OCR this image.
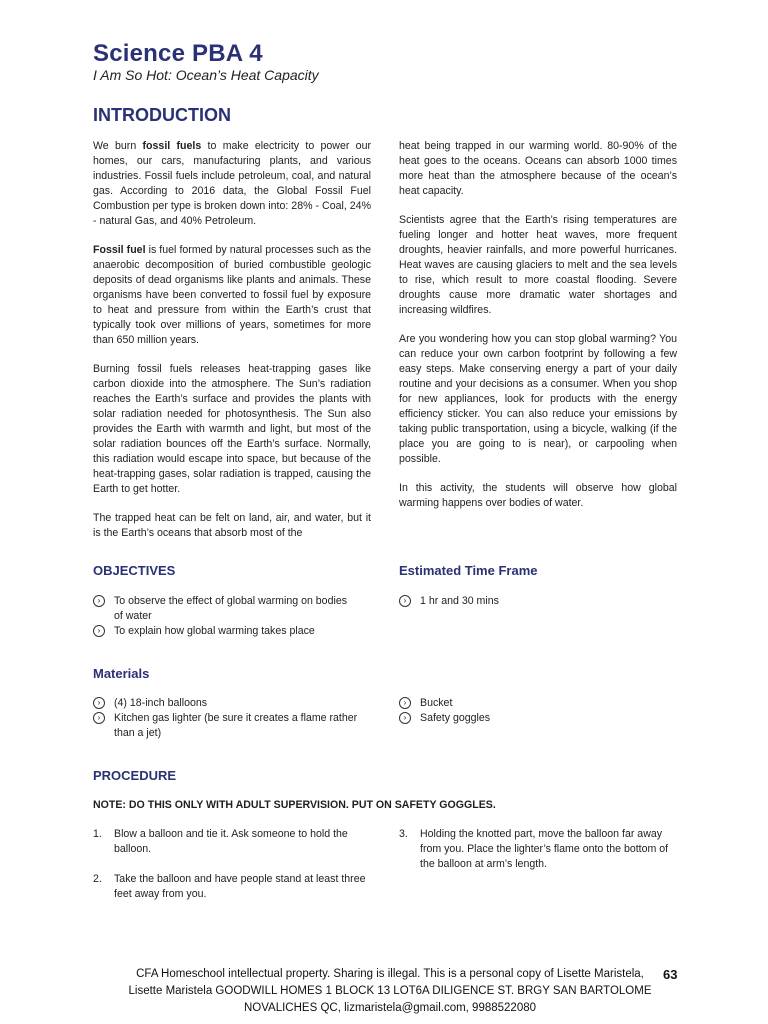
Science PBA 4
I Am So Hot: Ocean’s Heat Capacity
INTRODUCTION

We burn fossil fuels to make electricity to power our homes, our cars, manufacturing plants, and various industries. Fossil fuels include petroleum, coal, and natural gas. According to 2016 data, the Global Fossil Fuel Combustion per type is broken down into: 28% - Coal, 24% - natural Gas, and 40% Petroleum.

Fossil fuel is fuel formed by natural processes such as the anaerobic decomposition of buried combustible geologic deposits of dead organisms like plants and animals. These organisms have been converted to fossil fuel by exposure to heat and pressure from within the Earth’s crust that typically took over millions of years, sometimes for more than 650 million years.

Burning fossil fuels releases heat-trapping gases like carbon dioxide into the atmosphere. The Sun’s radiation reaches the Earth’s surface and provides the plants with solar radiation needed for photosynthesis. The Sun also provides the Earth with warmth and light, but most of the solar radiation bounces off the Earth’s surface. Normally, this radiation would escape into space, but because of the heat-trapping gases, solar radiation is trapped, causing the Earth to get hotter.

The trapped heat can be felt on land, air, and water, but it is the Earth’s oceans that absorb most of the

heat being trapped in our warming world. 80-90% of the heat goes to the oceans. Oceans can absorb 1000 times more heat than the atmosphere because of the ocean’s heat capacity.

Scientists agree that the Earth’s rising temperatures are fueling longer and hotter heat waves, more frequent droughts, heavier rainfalls, and more powerful hurricanes. Heat waves are causing glaciers to melt and the sea levels to rise, which result to more coastal flooding. Severe droughts cause more dramatic water shortages and increasing wildfires.

Are you wondering how you can stop global warming? You can reduce your own carbon footprint by following a few easy steps. Make conserving energy a part of your daily routine and your decisions as a consumer. When you shop for new appliances, look for products with the energy efficiency sticker. You can also reduce your emissions by taking public transportation, using a bicycle, walking (if the place you are going to is near), or carpooling when possible.

In this activity, the students will observe how global warming happens over bodies of water.

OBJECTIVES
›	To observe the effect of global warming on bodies of water
›	To explain how global warming takes place
Estimated Time Frame
›	1 hr and 30 mins
Materials
›	(4) 18-inch balloons
›	Kitchen gas lighter (be sure it creates a flame rather than a jet)
›	Bucket
›	Safety goggles
PROCEDURE
NOTE: DO THIS ONLY WITH ADULT SUPERVISION. PUT ON SAFETY GOGGLES.
1. Blow a balloon and tie it. Ask someone to hold the balloon.
2. Take the balloon and have people stand at least three feet away from you.
3. Holding the knotted part, move the balloon far away from you. Place the lighter’s flame onto the bottom of the balloon at arm’s length.
CFA Homeschool intellectual property. Sharing is illegal. This is a personal copy of Lisette Maristela,
Lisette Maristela GOODWILL HOMES 1 BLOCK 13 LOT6A DILIGENCE ST. BRGY SAN BARTOLOME
NOVALICHES QC, lizmaristela@gmail.com, 9988522080
63
